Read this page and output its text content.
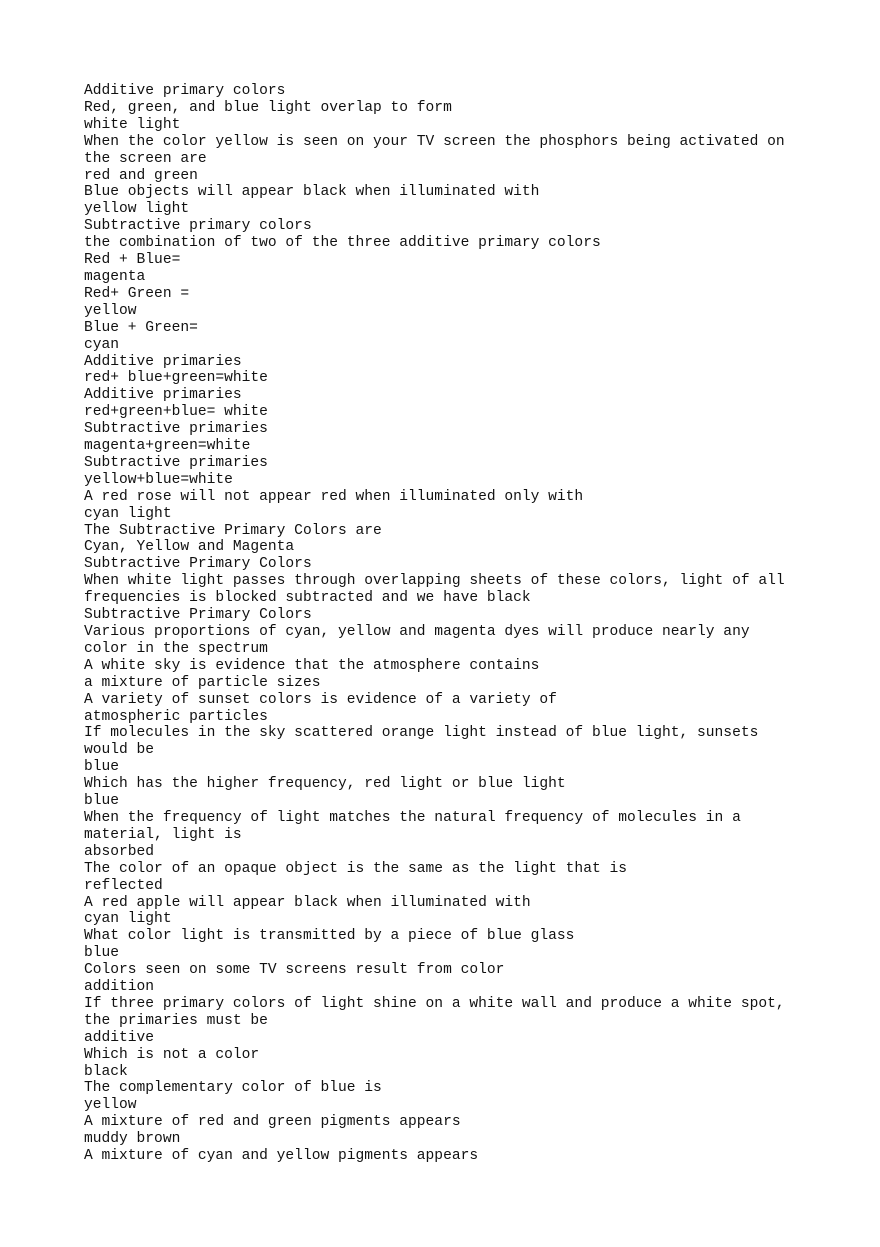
Additive primary colors
Red, green, and blue light overlap to form
white light
When the color yellow is seen on your TV screen the phosphors being activated on
the screen are
red and green
Blue objects will appear black when illuminated with
yellow light
Subtractive primary colors
the combination of two of the three additive primary colors
Red + Blue=
magenta
Red+ Green =
yellow
Blue + Green=
cyan
Additive primaries
red+ blue+green=white
Additive primaries
red+green+blue= white
Subtractive primaries
magenta+green=white
Subtractive primaries
yellow+blue=white
A red rose will not appear red when illuminated only with
cyan light
The Subtractive Primary Colors are
Cyan, Yellow and Magenta
Subtractive Primary Colors
When white light passes through overlapping sheets of these colors, light of all
frequencies is blocked subtracted and we have black
Subtractive Primary Colors
Various proportions of cyan, yellow and magenta dyes will produce nearly any
color in the spectrum
A white sky is evidence that the atmosphere contains
a mixture of particle sizes
A variety of sunset colors is evidence of a variety of
atmospheric particles
If molecules in the sky scattered orange light instead of blue light, sunsets
would be
blue
Which has the higher frequency, red light or blue light
blue
When the frequency of light matches the natural frequency of molecules in a
material, light is
absorbed
The color of an opaque object is the same as the light that is
reflected
A red apple will appear black when illuminated with
cyan light
What color light is transmitted by a piece of blue glass
blue
Colors seen on some TV screens result from color
addition
If three primary colors of light shine on a white wall and produce a white spot,
the primaries must be
additive
Which is not a color
black
The complementary color of blue is
yellow
A mixture of red and green pigments appears
muddy brown
A mixture of cyan and yellow pigments appears
